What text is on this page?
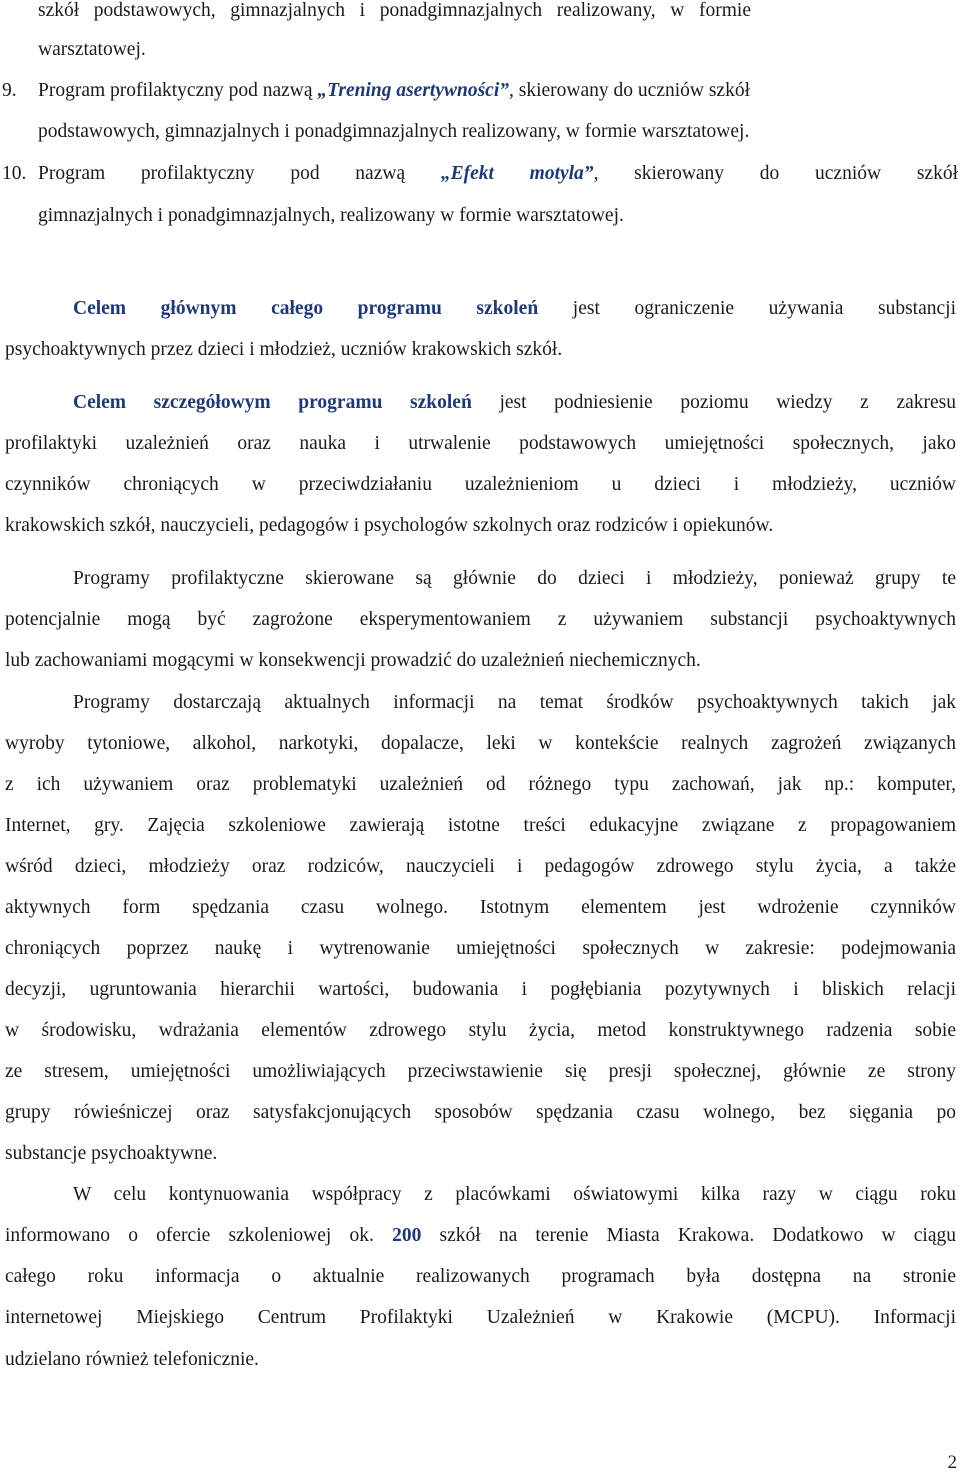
szkół   podstawowych,   gimnazjalnych   i   ponadgimnazjalnych   realizowany,   w   formie
warsztatowej.
9. Program profilaktyczny pod nazwą „Trening asertywności”, skierowany do uczniów szkół
podstawowych, gimnazjalnych i ponadgimnazjalnych realizowany, w formie warsztatowej.
10. Program profilaktyczny pod nazwą „Efekt motyla”, skierowany do uczniów szkół
gimnazjalnych i ponadgimnazjalnych, realizowany w formie warsztatowej.
Celem głównym całego programu szkoleń jest ograniczenie używania substancji
psychoaktywnych przez dzieci i młodzież, uczniów krakowskich szkół.
Celem szczegółowym programu szkoleń jest podniesienie poziomu wiedzy z zakresu
profilaktyki uzależnień oraz nauka i utrwalenie podstawowych umiejętności społecznych, jako
czynników chroniących w przeciwdziałaniu uzależnieniom u dzieci i młodzieży, uczniów
krakowskich szkół, nauczycieli, pedagogów i psychologów szkolnych oraz rodziców i opiekunów.
Programy profilaktyczne skierowane są głównie do dzieci i młodzieży, ponieważ grupy te
potencjalnie mogą być zagrożone eksperymentowaniem z używaniem substancji psychoaktywnych
lub zachowaniami mogącymi w konsekwencji prowadzić do uzależnień niechemicznych.
Programy dostarczają aktualnych informacji na temat środków psychoaktywnych takich jak
wyroby tytoniowe, alkohol, narkotyki, dopalacze, leki w kontekście realnych zagrożeń związanych
z ich używaniem oraz problematyki uzależnień od różnego typu zachowań, jak np.: komputer,
Internet, gry. Zajęcia szkoleniowe zawierają istotne treści edukacyjne związane z propagowaniem
wśród dzieci, młodzieży oraz rodziców, nauczycieli i pedagogów zdrowego stylu życia, a także
aktywnych form spędzania czasu wolnego. Istotnym elementem jest wdrożenie czynników
chroniących poprzez naukę i wytrenowanie umiejętności społecznych w zakresie: podejmowania
decyzji, ugruntowania hierarchii wartości, budowania i pogłębiania pozytywnych i bliskich relacji
w środowisku, wdrażania elementów zdrowego stylu życia, metod konstruktywnego radzenia sobie
ze stresem, umiejętności umożliwiających przeciwstawienie się presji społecznej, głównie ze strony
grupy rówieśniczej oraz satysfakcjonujących sposobów spędzania czasu wolnego, bez sięgania po
substancje psychoaktywne.
W celu kontynuowania współpracy z placówkami oświatowymi kilka razy w ciągu roku
informowano o ofercie szkoleniowej ok. 200 szkół na terenie Miasta Krakowa. Dodatkowo w ciągu
całego roku informacja o aktualnie realizowanych programach była dostępna na stronie
internetowej Miejskiego Centrum Profilaktyki Uzależnień w Krakowie (MCPU). Informacji
udzielano również telefonicznie.
2
